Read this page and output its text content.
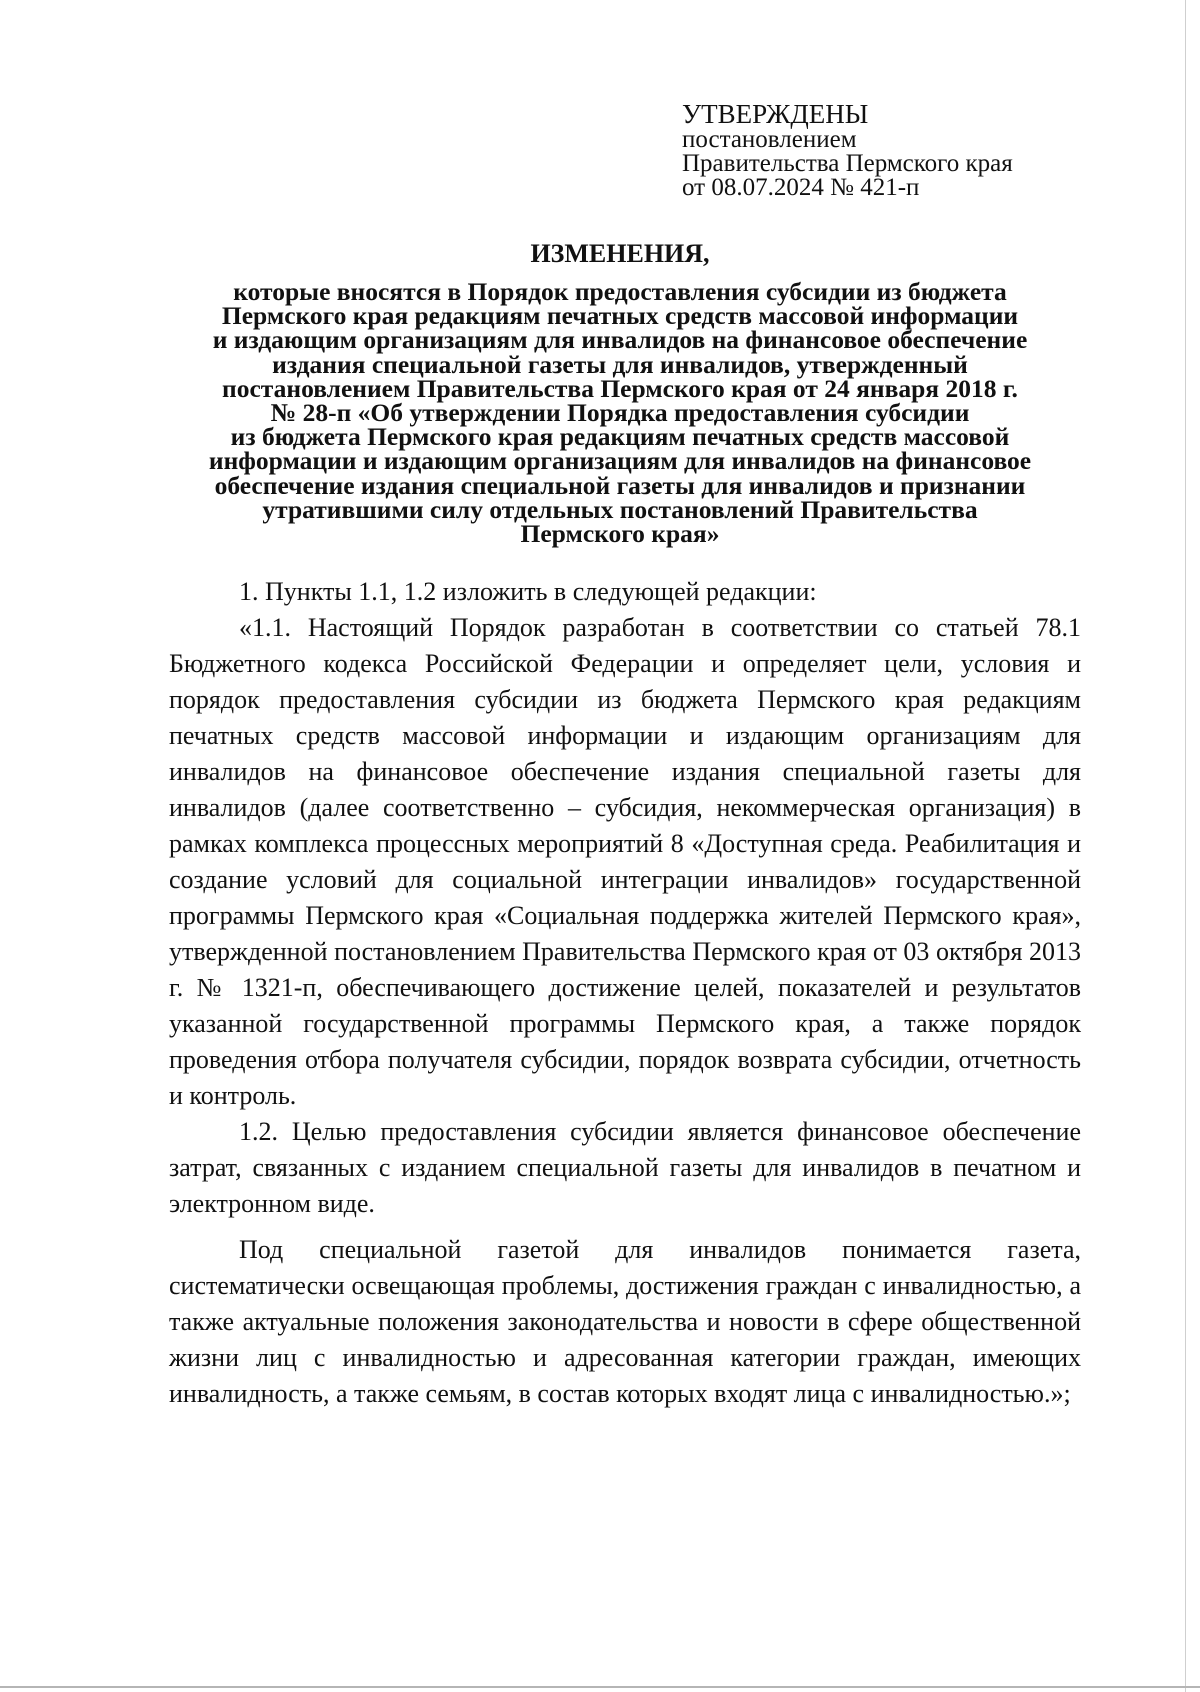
УТВЕРЖДЕНЫ
постановлением
Правительства Пермского края
от 08.07.2024 № 421-п
ИЗМЕНЕНИЯ,
которые вносятся в Порядок предоставления субсидии из бюджета
Пермского края редакциям печатных средств массовой информации
и издающим организациям для инвалидов на финансовое обеспечение
издания специальной газеты для инвалидов, утвержденный
постановлением Правительства Пермского края от 24 января 2018 г.
№ 28-п «Об утверждении Порядка предоставления субсидии
из бюджета Пермского края редакциям печатных средств массовой
информации и издающим организациям для инвалидов на финансовое
обеспечение издания специальной газеты для инвалидов и признании
утратившими силу отдельных постановлений Правительства
Пермского края»

1. Пункты 1.1, 1.2 изложить в следующей редакции:

«1.1. Настоящий Порядок разработан в соответствии со статьей 78.1 Бюджетного кодекса Российской Федерации и определяет цели, условия и порядок предоставления субсидии из бюджета Пермского края редакциям печатных средств массовой информации и издающим организациям для инвалидов на финансовое обеспечение издания специальной газеты для инвалидов (далее соответственно – субсидия, некоммерческая организация) в рамках комплекса процессных мероприятий 8 «Доступная среда. Реабилитация и создание условий для социальной интеграции инвалидов» государственной программы Пермского края «Социальная поддержка жителей Пермского края», утвержденной постановлением Правительства Пермского края от 03 октября 2013 г. № 1321-п, обеспечивающего достижение целей, показателей и результатов указанной государственной программы Пермского края, а также порядок проведения отбора получателя субсидии, порядок возврата субсидии, отчетность и контроль.

1.2. Целью предоставления субсидии является финансовое обеспечение затрат, связанных с изданием специальной газеты для инвалидов в печатном и электронном виде.

Под специальной газетой для инвалидов понимается газета, систематически освещающая проблемы, достижения граждан с инвалидностью, а также актуальные положения законодательства и новости в сфере общественной жизни лиц с инвалидностью и адресованная категории граждан, имеющих инвалидность, а также семьям, в состав которых входят лица с инвалидностью.»;
